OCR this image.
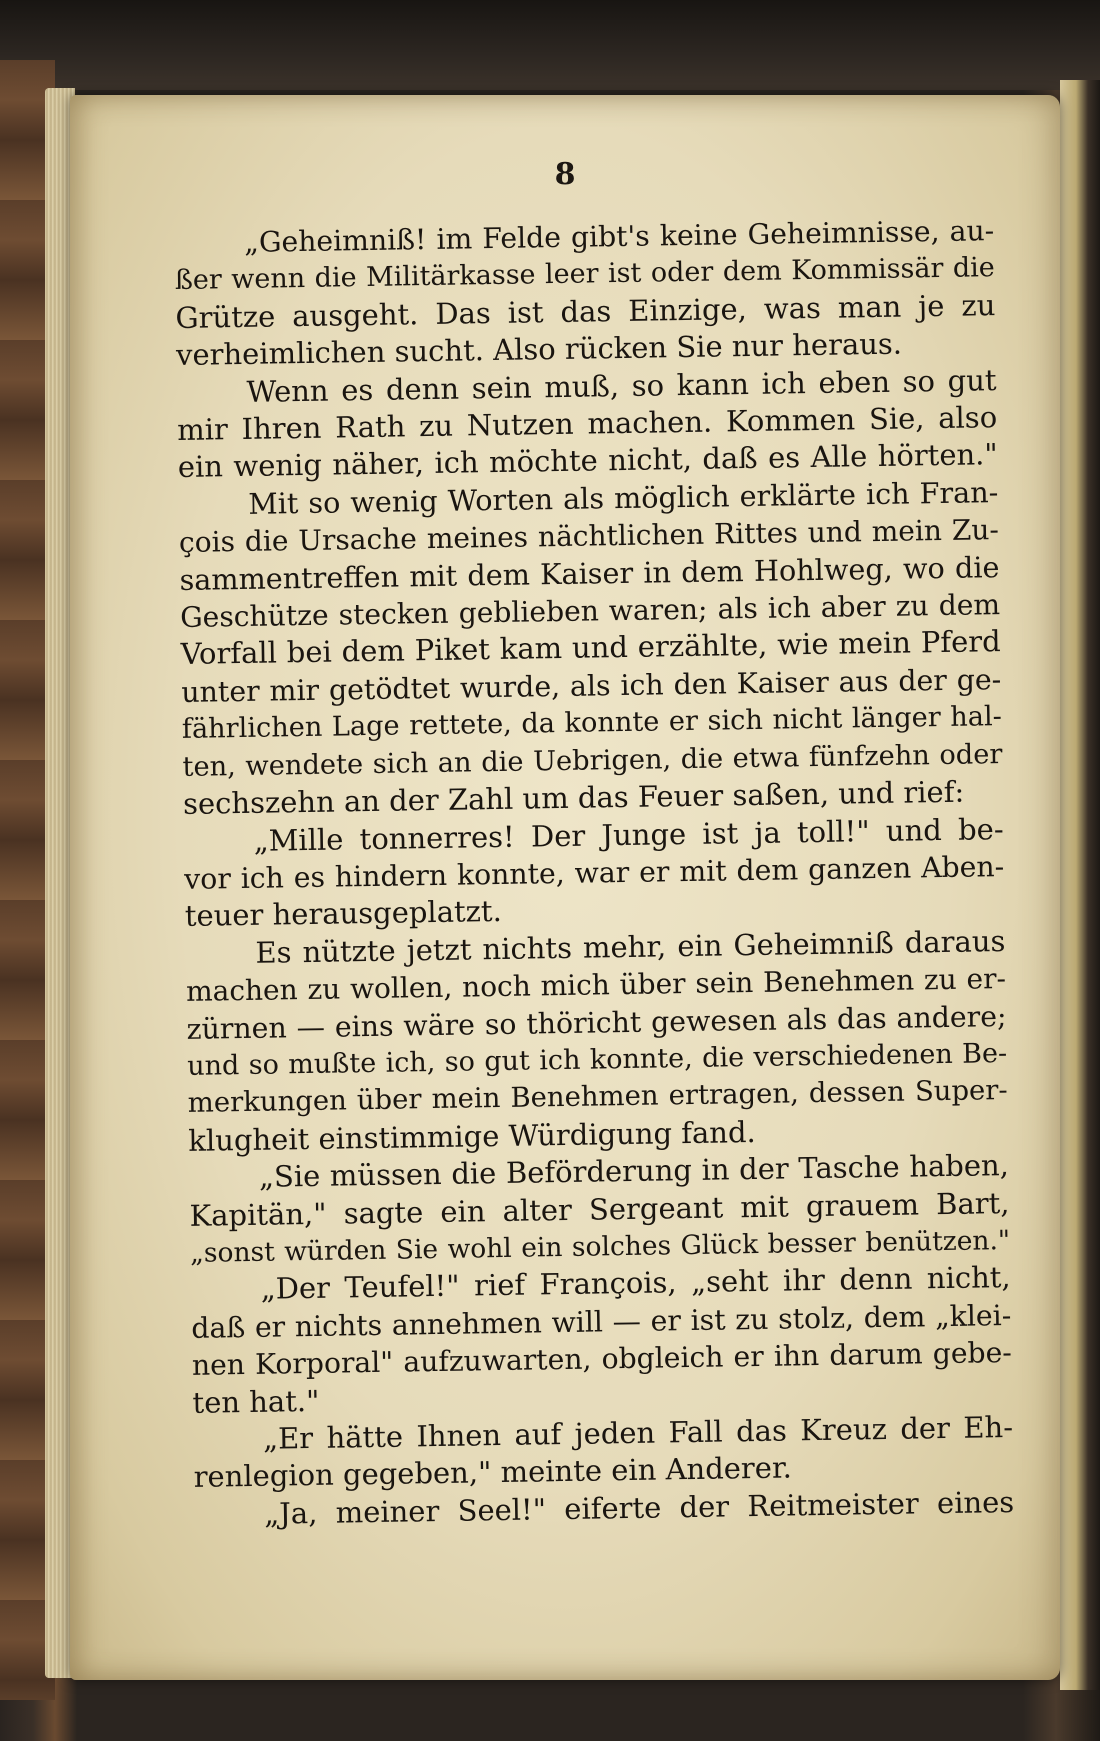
8
„Geheimniß! im Felde gibt's keine Geheimnisse, au-
ßer wenn die Militärkasse leer ist oder dem Kommissär die
Grütze ausgeht. Das ist das Einzige, was man je zu
verheimlichen sucht. Also rücken Sie nur heraus.
Wenn es denn sein muß, so kann ich eben so gut
mir Ihren Rath zu Nutzen machen. Kommen Sie, also
ein wenig näher, ich möchte nicht, daß es Alle hörten."
Mit so wenig Worten als möglich erklärte ich Fran-
çois die Ursache meines nächtlichen Rittes und mein Zu-
sammentreffen mit dem Kaiser in dem Hohlweg, wo die
Geschütze stecken geblieben waren; als ich aber zu dem
Vorfall bei dem Piket kam und erzählte, wie mein Pferd
unter mir getödtet wurde, als ich den Kaiser aus der ge-
fährlichen Lage rettete, da konnte er sich nicht länger hal-
ten, wendete sich an die Uebrigen, die etwa fünfzehn oder
sechszehn an der Zahl um das Feuer saßen, und rief:
„Mille tonnerres! Der Junge ist ja toll!" und be-
vor ich es hindern konnte, war er mit dem ganzen Aben-
teuer herausgeplatzt.
Es nützte jetzt nichts mehr, ein Geheimniß daraus
machen zu wollen, noch mich über sein Benehmen zu er-
zürnen — eins wäre so thöricht gewesen als das andere;
und so mußte ich, so gut ich konnte, die verschiedenen Be-
merkungen über mein Benehmen ertragen, dessen Super-
klugheit einstimmige Würdigung fand.
„Sie müssen die Beförderung in der Tasche haben,
Kapitän," sagte ein alter Sergeant mit grauem Bart,
„sonst würden Sie wohl ein solches Glück besser benützen."
„Der Teufel!" rief François, „seht ihr denn nicht,
daß er nichts annehmen will — er ist zu stolz, dem „klei-
nen Korporal" aufzuwarten, obgleich er ihn darum gebe-
ten hat."
„Er hätte Ihnen auf jeden Fall das Kreuz der Eh-
renlegion gegeben," meinte ein Anderer.
„Ja, meiner Seel!" eiferte der Reitmeister eines
